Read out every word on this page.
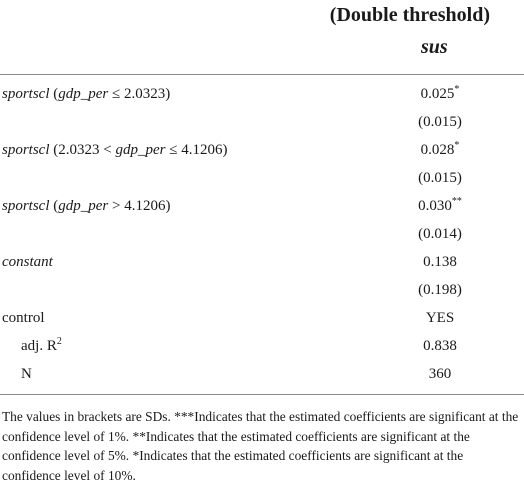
(Double threshold)
sus
sportscl (gdp_per ≤ 2.0323)	0.025*
(0.015)
sportscl (2.0323 < gdp_per ≤ 4.1206)	0.028*
(0.015)
sportscl (gdp_per > 4.1206)	0.030**
(0.014)
constant	0.138
(0.198)
control	YES
adj. $R^2$	0.838
N	360
The values in brackets are SDs. ***Indicates that the estimated coefficients are significant at the confidence level of 1%. **Indicates that the estimated coefficients are significant at the confidence level of 5%. *Indicates that the estimated coefficients are significant at the confidence level of 10%.
